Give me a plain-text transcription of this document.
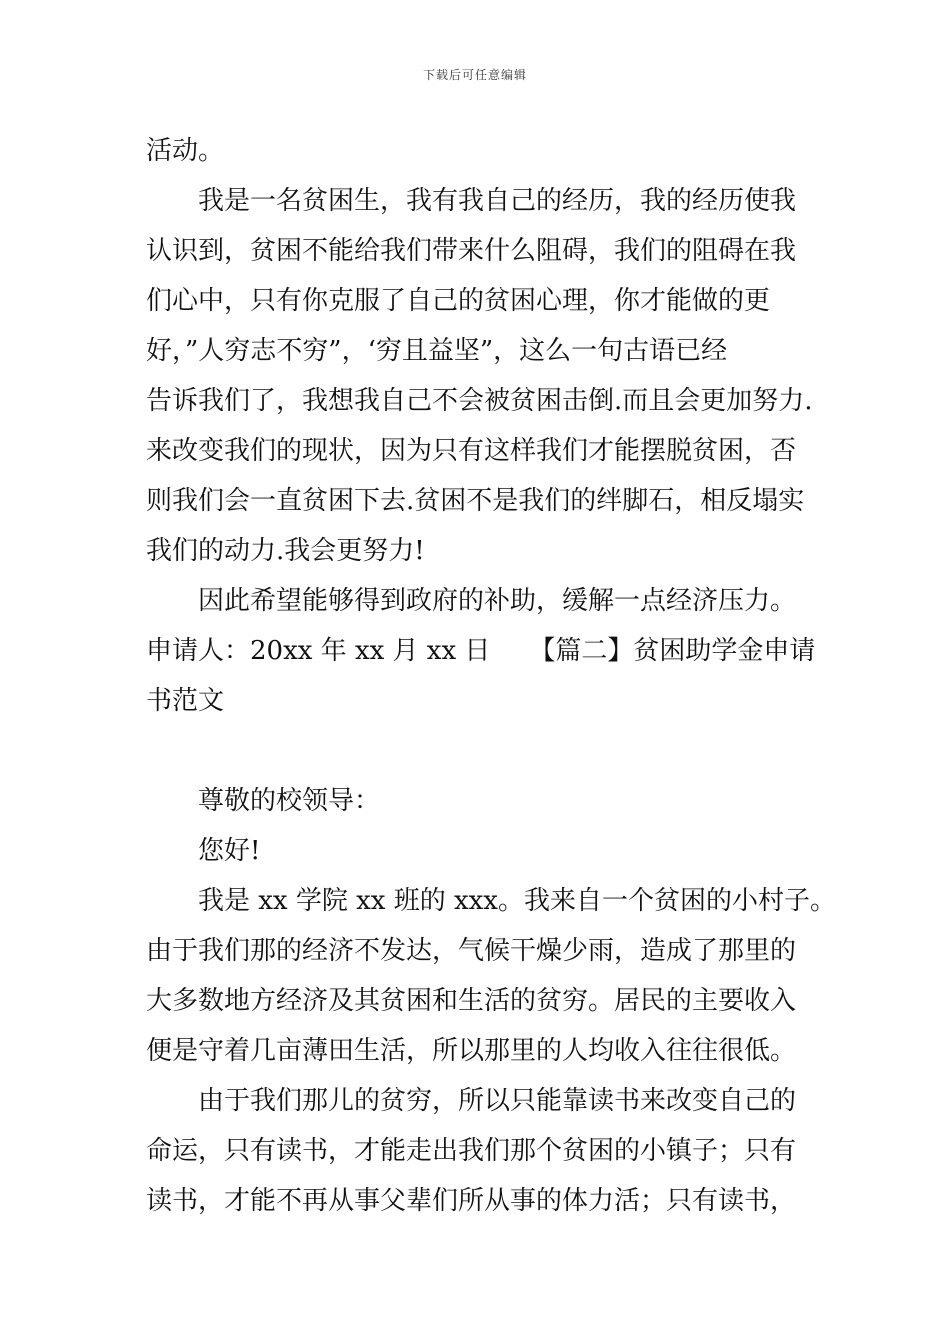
下载后可任意编辑
活动。
我是一名贫困生，我有我自己的经历，我的经历使我
认识到，贫困不能给我们带来什么阻碍，我们的阻碍在我
们心中，只有你克服了自己的贫困心理，你才能做的更
好，”人穷志不穷”，‘穷且益坚”，这么一句古语已经
告诉我们了，我想我自己不会被贫困击倒.而且会更加努力.
来改变我们的现状，因为只有这样我们才能摆脱贫困，否
则我们会一直贫困下去.贫困不是我们的绊脚石，相反塌实
我们的动力.我会更努力!
因此希望能够得到政府的补助，缓解一点经济压力。
申请人：20xx 年 xx 月 xx 日　　【篇二】贫困助学金申请
书范文
尊敬的校领导：
您好!
我是 xx 学院 xx 班的 xxx。我来自一个贫困的小村子。
由于我们那的经济不发达，气候干燥少雨，造成了那里的
大多数地方经济及其贫困和生活的贫穷。居民的主要收入
便是守着几亩薄田生活，所以那里的人均收入往往很低。
由于我们那儿的贫穷，所以只能靠读书来改变自己的
命运，只有读书，才能走出我们那个贫困的小镇子；只有
读书，才能不再从事父辈们所从事的体力活；只有读书，
